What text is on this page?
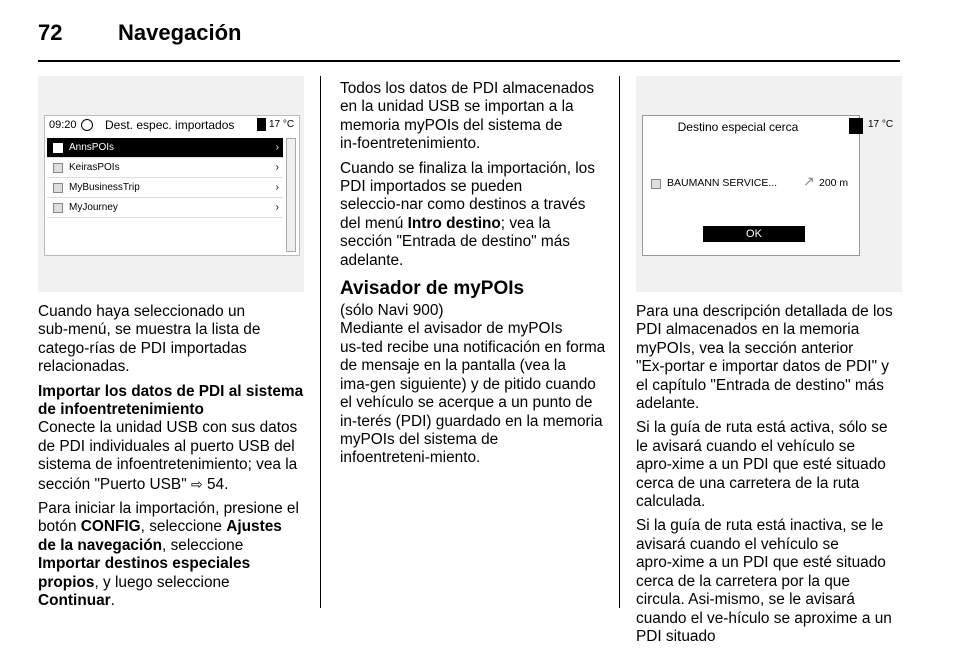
72	Navegación
09:20 Dest. espec. importados	17 °C
AnnsPOIs	›
KeirasPOIs	›
MyBusinessTrip	›
MyJourney	›
Destino especial cerca
BAUMANN SERVICE... ↗ 200 m
OK
17 °C

Cuando haya seleccionado un sub‑menú, se muestra la lista de catego‑rías de PDI importadas relacionadas.

Importar los datos de PDI al sistema de infoentretenimiento

Conecte la unidad USB con sus datos de PDI individuales al puerto USB del sistema de infoentretenimiento; vea la sección "Puerto USB" ⇨ 54.

Para iniciar la importación, presione el botón CONFIG, seleccione Ajustes de la navegación, seleccione Importar destinos especiales propios, y luego seleccione Continuar.

Todos los datos de PDI almacenados en la unidad USB se importan a la memoria myPOIs del sistema de in‑foentretenimiento.

Cuando se finaliza la importación, los PDI importados se pueden seleccio‑nar como destinos a través del menú Intro destino; vea la sección "Entrada de destino" más adelante.

Avisador de myPOIs

(sólo Navi 900)

Mediante el avisador de myPOIs us‑ted recibe una notificación en forma de mensaje en la pantalla (vea la ima‑gen siguiente) y de pitido cuando el vehículo se acerque a un punto de in‑terés (PDI) guardado en la memoria myPOIs del sistema de infoentreteni‑miento.

Para una descripción detallada de los PDI almacenados en la memoria myPOIs, vea la sección anterior "Ex‑portar e importar datos de PDI" y el capítulo "Entrada de destino" más adelante.

Si la guía de ruta está activa, sólo se le avisará cuando el vehículo se apro‑xime a un PDI que esté situado cerca de una carretera de la ruta calculada.

Si la guía de ruta está inactiva, se le avisará cuando el vehículo se apro‑xime a un PDI que esté situado cerca de la carretera por la que circula. Asi‑mismo, se le avisará cuando el ve‑hículo se aproxime a un PDI situado
